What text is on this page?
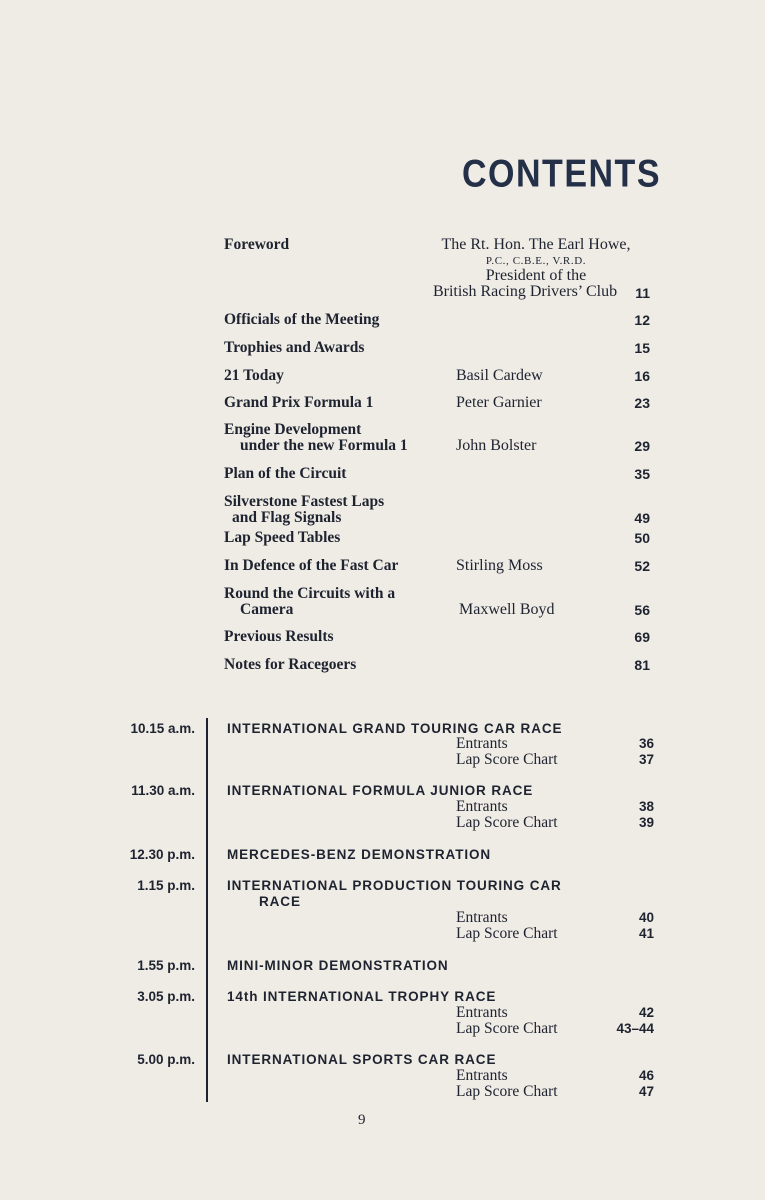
CONTENTS
Foreword	The Rt. Hon. The Earl Howe,
P.C., C.B.E., V.R.D.
President of the
British Racing Drivers’ Club	11
Officials of the Meeting	12
Trophies and Awards	15
21 Today	Basil Cardew	16
Grand Prix Formula 1	Peter Garnier	23
Engine Development
under the new Formula 1	John Bolster	29
Plan of the Circuit	35
Silverstone Fastest Laps
and Flag Signals	49
Lap Speed Tables	50
In Defence of the Fast Car	Stirling Moss	52
Round the Circuits with a
Camera	Maxwell Boyd	56
Previous Results	69
Notes for Racegoers	81
10.15 a.m. INTERNATIONAL GRAND TOURING CAR RACE
Entrants	36
Lap Score Chart	37
11.30 a.m. INTERNATIONAL FORMULA JUNIOR RACE
Entrants	38
Lap Score Chart	39
12.30 p.m. MERCEDES-BENZ DEMONSTRATION
1.15 p.m. INTERNATIONAL PRODUCTION TOURING CAR
RACE
Entrants	40
Lap Score Chart	41
1.55 p.m. MINI-MINOR DEMONSTRATION
3.05 p.m. 14th INTERNATIONAL TROPHY RACE
Entrants	42
Lap Score Chart	43–44
5.00 p.m. INTERNATIONAL SPORTS CAR RACE
Entrants	46
Lap Score Chart	47
9
